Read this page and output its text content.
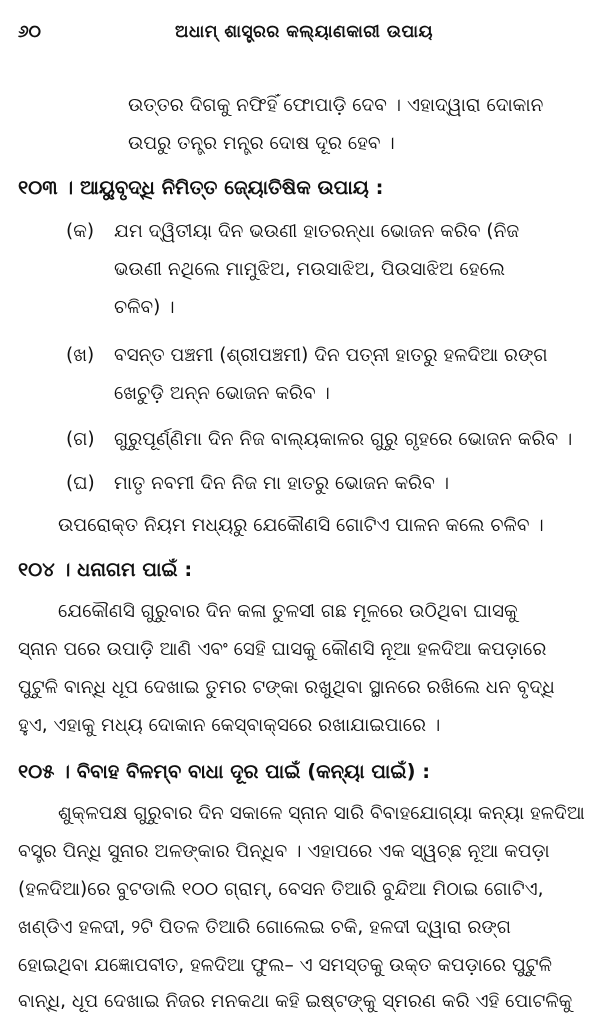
୬୦	ଅଧାମ୍ ଶାସ୍ତ୍ରର କଲ୍ୟାଣକାରୀ ଉପାୟ
ଉତ୍ତର ଦିଗକୁ ନଫିହିଁ ଫୋପାଡ଼ି ଦେବ । ଏହାଦ୍ୱାରା ଦୋକାନ
ଉପରୁ ତନ୍ତ୍ର ମନ୍ତ୍ର ଦୋଷ ଦୂର ହେବ ।
୧୦୩ । ଆୟୁବୃଦ୍ଧି ନିମିତ୍ତ ଜ୍ୟୋତିଷିକ ଉପାୟ :
(କ) ଯମ ଦ୍ୱିତୀୟା ଦିନ ଭଉଣୀ ହାତରନ୍ଧା ଭୋଜନ କରିବ (ନିଜ
ଭଉଣୀ ନଥିଲେ ମାମୁଝିଅ, ମଉସାଝିଅ, ପିଉସାଝିଅ ହେଲେ
ଚଳିବ) ।
(ଖ) ବସନ୍ତ ପଞ୍ଚମୀ (ଶ୍ରୀପଞ୍ଚମୀ) ଦିନ ପତ୍ନୀ ହାତରୁ ହଳଦିଆ ରଙ୍ଗ
ଖେଚୁଡ଼ି ଅନ୍ନ ଭୋଜନ କରିବ ।
(ଗ) ଗୁରୁପୂର୍ଣ୍ଣିମା ଦିନ ନିଜ ବାଲ୍ୟକାଳର ଗୁରୁ ଗୃହରେ ଭୋଜନ କରିବ ।
(ଘ) ମାତୃ ନବମୀ ଦିନ ନିଜ ମା ହାତରୁ ଭୋଜନ କରିବ ।
ଉପରୋକ୍ତ ନିୟମ ମଧ୍ୟରୁ ଯେକୌଣସି ଗୋଟିଏ ପାଳନ କଲେ ଚଳିବ ।
୧୦୪ । ଧନାଗମ ପାଇଁ :
ଯେକୌଣସି ଗୁରୁବାର ଦିନ କଳା ତୁଳସୀ ଗଛ ମୂଳରେ ଉଠିଥିବା ଘାସକୁ
ସ୍ନାନ ପରେ ଉପାଡ଼ି ଆଣି ଏବଂ ସେହି ଘାସକୁ କୌଣସି ନୂଆ ହଳଦିଆ କପଡ଼ାରେ
ପୁଟୁଳି ବାନ୍ଧି ଧୂପ ଦେଖାଇ ତୁମର ଟଙ୍କା ରଖୁଥିବା ସ୍ଥାନରେ ରଖିଲେ ଧନ ବୃଦ୍ଧି
ହୁଏ, ଏହାକୁ ମଧ୍ୟ ଦୋକାନ କେସ୍‌ବାକ୍ସରେ ରଖାଯାଇପାରେ ।
୧୦୫ । ବିବାହ ବିଳମ୍ବ ବାଧା ଦୂର ପାଇଁ (କନ୍ୟା ପାଇଁ) :
ଶୁକ୍ଳପକ୍ଷ ଗୁରୁବାର ଦିନ ସକାଳେ ସ୍ନାନ ସାରି ବିବାହଯୋଗ୍ୟା କନ୍ୟା ହଳଦିଆ
ବସ୍ତ୍ର ପିନ୍ଧି ସୁନାର ଅଳଙ୍କାର ପିନ୍ଧିବ । ଏହାପରେ ଏକ ସ୍ୱଚ୍ଛ ନୂଆ କପଡ଼ା
(ହଳଦିଆ)ରେ ବୁଟଡାଲି ୧୦୦ ଗ୍ରାମ୍, ବେସନ ତିଆରି ବୁନ୍ଦିଆ ମିଠାଇ ଗୋଟିଏ,
ଖଣ୍ଡିଏ ହଳଦୀ, ୨ଟି ପିତଳ ତିଆରି ଗୋଲେଇ ଚକି, ହଳଦୀ ଦ୍ୱାରା ରଙ୍ଗ
ହୋଇଥିବା ଯଜ୍ଞୋପବୀତ, ହଳଦିଆ ଫୁଲ– ଏ ସମସ୍ତକୁ ଉକ୍ତ କପଡ଼ାରେ ପୁଟୁଳି
ବାନ୍ଧି, ଧୂପ ଦେଖାଇ ନିଜର ମନକଥା କହି ଇଷ୍ଟଙ୍କୁ ସ୍ମରଣ କରି ଏହି ପୋଟଳିକୁ
